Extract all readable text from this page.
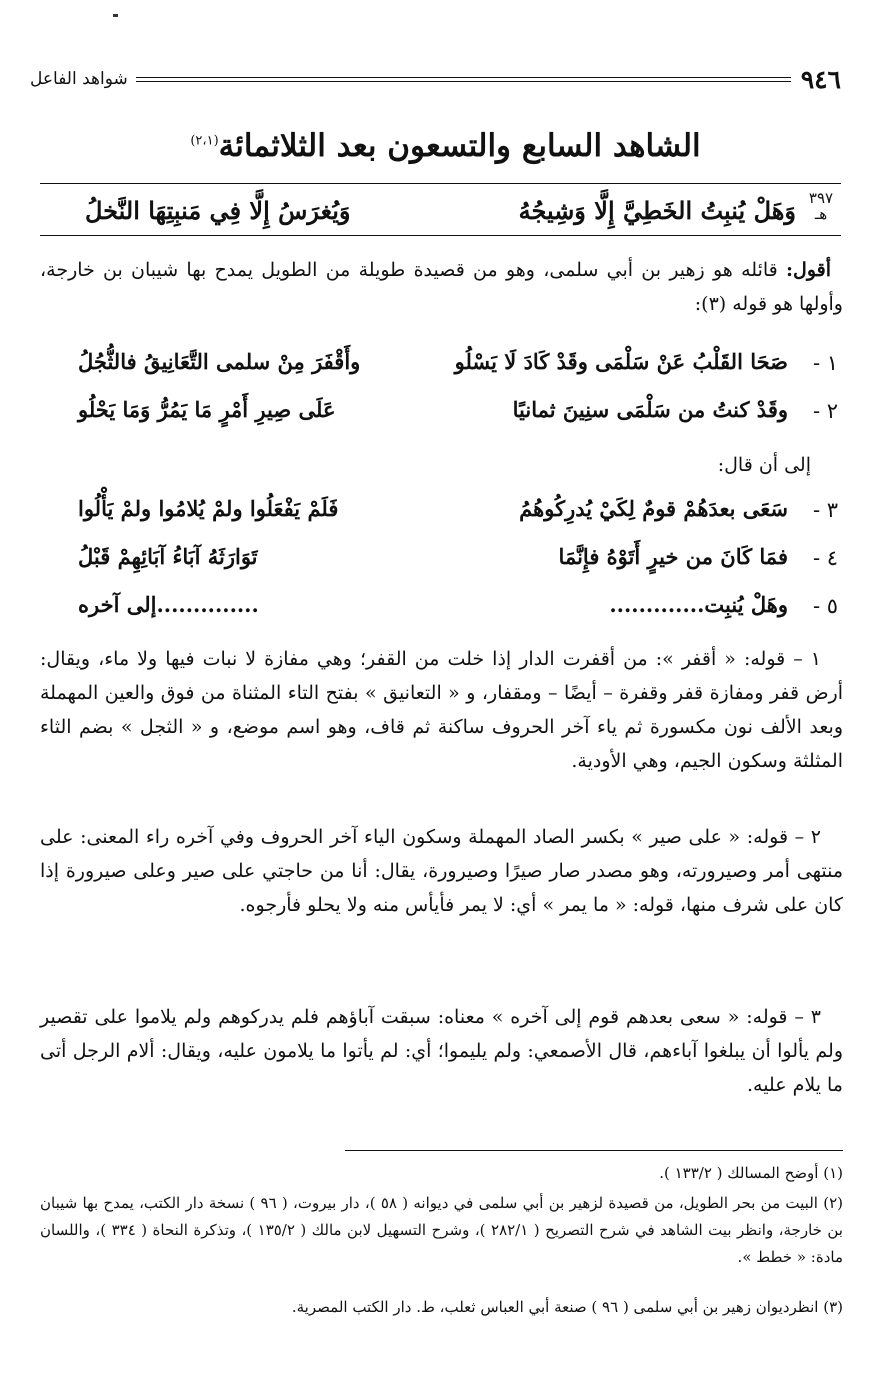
٩٤٦
شواهد الفاعل
الشاهد السابع والتسعون بعد الثلاثمائة$^{(٢،١)}$
٣٩٧
هـ
وَهَلْ يُنبِتُ الخَطِيَّ إِلَّا وَشِيجُهُ
وَيُغرَسُ إِلَّا فِي مَنبِتِهَا النَّخلُ
أقول: قائله هو زهير بن أبي سلمى، وهو من قصيدة طويلة من الطويل يمدح بها شيبان بن خارجة، وأولها هو قوله (٣):
١ -
صَحَا القَلْبُ عَنْ سَلْمَى وقَدْ كَادَ لَا يَسْلُو
وأَقْفَرَ مِنْ سلمى التَّعَانِيقُ فالثُّجُلُ
٢ -
وقَدْ كنتُ من سَلْمَى سنِينَ ثمانيًا
عَلَى صِيرِ أَمْرٍ مَا يَمُرُّ وَمَا يَحْلُو
إلى أن قال:
٣ -
سَعَى بعدَهُمْ قومٌ لِكَيْ يُدرِكُوهُمُ
فَلَمْ يَفْعَلُوا ولمْ يُلامُوا ولمْ يَأْلُوا
٤ -
فمَا كَانَ من خيرٍ أَتَوْهُ فإِنَّمَا
تَوَارَثَهُ آبَاءُ آبَائِهِمْ قَبْلُ
٥ -
وهَلْ يُنبِت.............
..............إلى آخره
١ – قوله: « أقفر »: من أقفرت الدار إذا خلت من القفر؛ وهي مفازة لا نبات فيها ولا ماء، ويقال: أرض قفر ومفازة قفر وقفرة – أيضًا – ومقفار، و « التعانيق » بفتح التاء المثناة من فوق والعين المهملة وبعد الألف نون مكسورة ثم ياء آخر الحروف ساكنة ثم قاف، وهو اسم موضع، و « الثجل » بضم الثاء المثلثة وسكون الجيم، وهي الأودية.
٢ – قوله: « على صير » بكسر الصاد المهملة وسكون الياء آخر الحروف وفي آخره راء المعنى: على منتهى أمر وصيرورته، وهو مصدر صار صيرًا وصيرورة، يقال: أنا من حاجتي على صير وعلى صيرورة إذا كان على شرف منها، قوله: « ما يمر » أي: لا يمر فأيأس منه ولا يحلو فأرجوه.
٣ – قوله: « سعى بعدهم قوم إلى آخره » معناه: سبقت آباؤهم فلم يدركوهم ولم يلاموا على تقصير ولم يألوا أن يبلغوا آباءهم، قال الأصمعي: ولم يليموا؛ أي: لم يأتوا ما يلامون عليه، ويقال: ألام الرجل أتى ما يلام عليه.
(١) أوضح المسالك ( ١٣٣/٢ ).
(٢) البيت من بحر الطويل، من قصيدة لزهير بن أبي سلمى في ديوانه ( ٥٨ )، دار بيروت، ( ٩٦ ) نسخة دار الكتب، يمدح بها شيبان بن خارجة، وانظر بيت الشاهد في شرح التصريح ( ٢٨٢/١ )، وشرح التسهيل لابن مالك ( ١٣٥/٢ )، وتذكرة النحاة ( ٣٣٤ )، واللسان مادة: « خطط ».
(٣) انظرديوان زهير بن أبي سلمى ( ٩٦ ) صنعة أبي العباس ثعلب، ط. دار الكتب المصرية.
